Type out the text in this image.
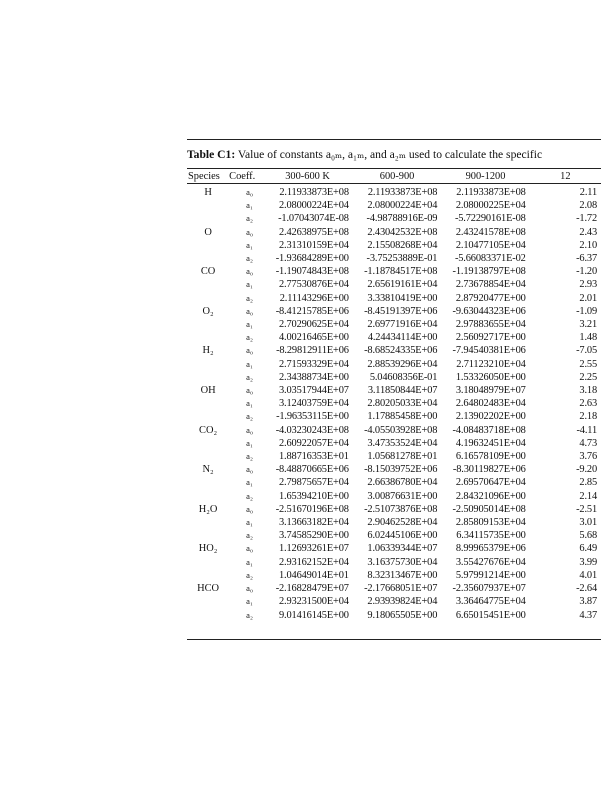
Table C1: Value of constants a₀ₘ, a₁ₘ, and a₂ₘ used to calculate the specific
Species	Coeff.	300-600 K	600-900	900-1200	12
H	a₀	2.11933873E+08	2.11933873E+08	2.11933873E+08	2.11
	a₁	2.08000224E+04	2.08000224E+04	2.08000225E+04	2.08
	a₂	-1.07043074E-08	-4.98788916E-09	-5.72290161E-08	-1.72
O	a₀	2.42638975E+08	2.43042532E+08	2.43241578E+08	2.43
	a₁	2.31310159E+04	2.15508268E+04	2.10477105E+04	2.10
	a₂	-1.93684289E+00	-3.75253889E-01	-5.66083371E-02	-6.37
CO	a₀	-1.19074843E+08	-1.18784517E+08	-1.19138797E+08	-1.20
	a₁	2.77530876E+04	2.65619161E+04	2.73678854E+04	2.93
	a₂	2.11143296E+00	3.33810419E+00	2.87920477E+00	2.01
O₂	a₀	-8.41215785E+06	-8.45191397E+06	-9.63044323E+06	-1.09
	a₁	2.70290625E+04	2.69771916E+04	2.97883655E+04	3.21
	a₂	4.00216465E+00	4.24434114E+00	2.56092717E+00	1.48
H₂	a₀	-8.29812911E+06	-8.68524335E+06	-7.94540381E+06	-7.05
	a₁	2.71593329E+04	2.88539296E+04	2.71123210E+04	2.55
	a₂	2.34388734E+00	5.04608356E-01	1.53326050E+00	2.25
OH	a₀	3.03517944E+07	3.11850844E+07	3.18048979E+07	3.18
	a₁	3.12403759E+04	2.80205033E+04	2.64802483E+04	2.63
	a₂	-1.96353115E+00	1.17885458E+00	2.13902202E+00	2.18
CO₂	a₀	-4.03230243E+08	-4.05503928E+08	-4.08483718E+08	-4.11
	a₁	2.60922057E+04	3.47353524E+04	4.19632451E+04	4.73
	a₂	1.88716353E+01	1.05681278E+01	6.16578109E+00	3.76
N₂	a₀	-8.48870665E+06	-8.15039752E+06	-8.30119827E+06	-9.20
	a₁	2.79875657E+04	2.66386780E+04	2.69570647E+04	2.85
	a₂	1.65394210E+00	3.00876631E+00	2.84321096E+00	2.14
H₂O	a₀	-2.51670196E+08	-2.51073876E+08	-2.50905014E+08	-2.51
	a₁	3.13663182E+04	2.90462528E+04	2.85809153E+04	3.01
	a₂	3.74585290E+00	6.02445106E+00	6.34115735E+00	5.68
HO₂	a₀	1.12693261E+07	1.06339344E+07	8.99965379E+06	6.49
	a₁	2.93162152E+04	3.16375730E+04	3.55427676E+04	3.99
	a₂	1.04649014E+01	8.32313467E+00	5.97991214E+00	4.01
HCO	a₀	-2.16828479E+07	-2.17668051E+07	-2.35607937E+07	-2.64
	a₁	2.93231500E+04	2.93939824E+04	3.36464775E+04	3.87
	a₂	9.01416145E+00	9.18065505E+00	6.65015451E+00	4.37
